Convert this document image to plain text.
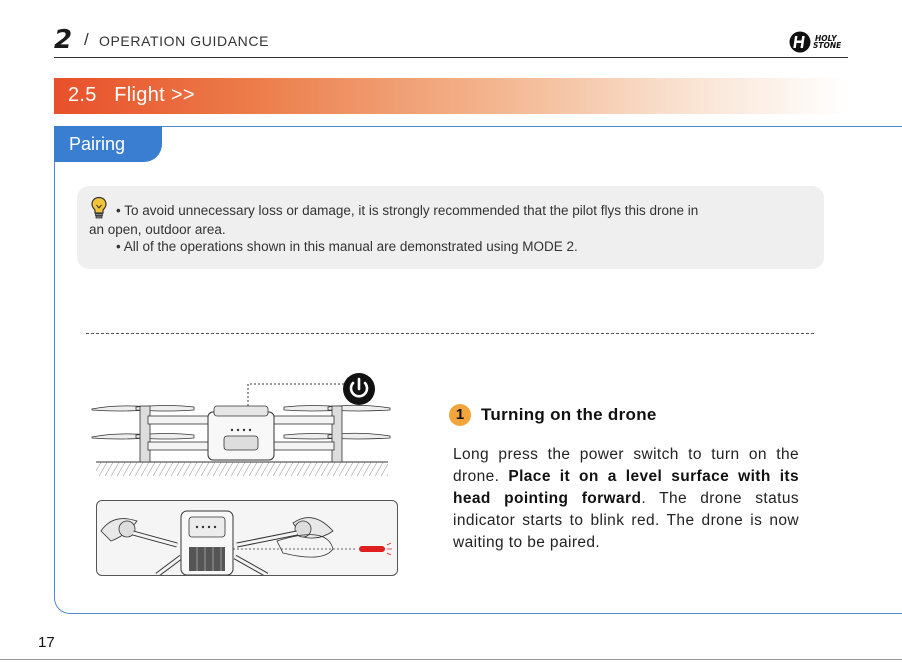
2 / OPERATION GUIDANCE	HOLY
STONE
2.5 Flight >>
Pairing
• To avoid unnecessary loss or damage, it is strongly recommended that the pilot flys this drone in
an open, outdoor area.
• All of the operations shown in this manual are demonstrated using MODE 2.
1 Turning on the drone
Long press the power switch to turn on the drone. Place it on a level surface with its head pointing forward. The drone status indicator starts to blink red. The drone is now waiting to be paired.
17
